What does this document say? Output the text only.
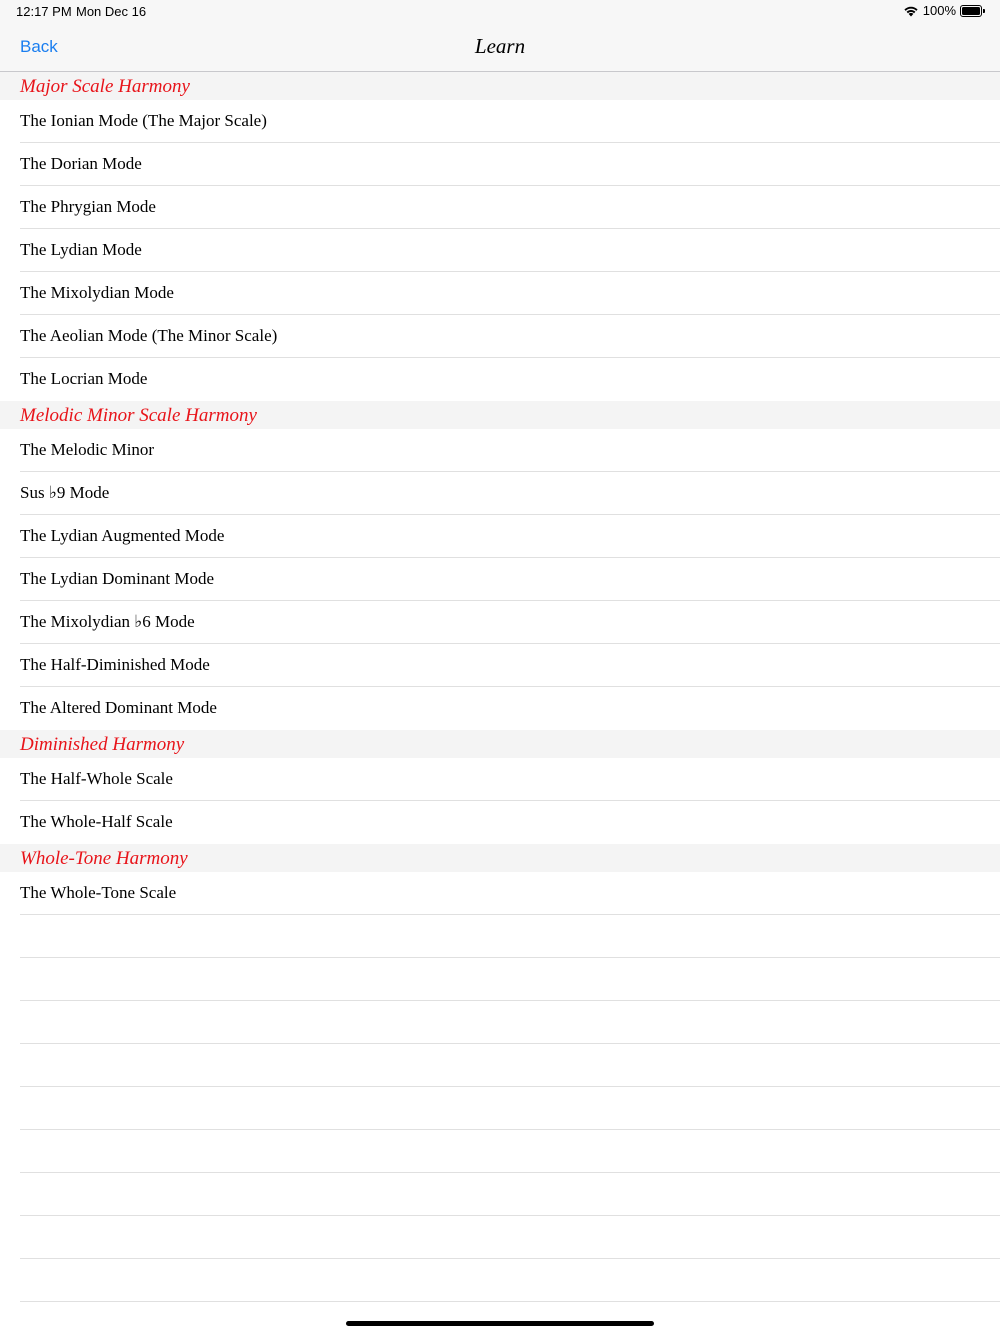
12:17 PM Mon Dec 16	100%
Back	Learn
Major Scale Harmony
The Ionian Mode (The Major Scale)
The Dorian Mode
The Phrygian Mode
The Lydian Mode
The Mixolydian Mode
The Aeolian Mode (The Minor Scale)
The Locrian Mode
Melodic Minor Scale Harmony
The Melodic Minor
Sus ♭9 Mode
The Lydian Augmented Mode
The Lydian Dominant Mode
The Mixolydian ♭6 Mode
The Half-Diminished Mode
The Altered Dominant Mode
Diminished Harmony
The Half-Whole Scale
The Whole-Half Scale
Whole-Tone Harmony
The Whole-Tone Scale
